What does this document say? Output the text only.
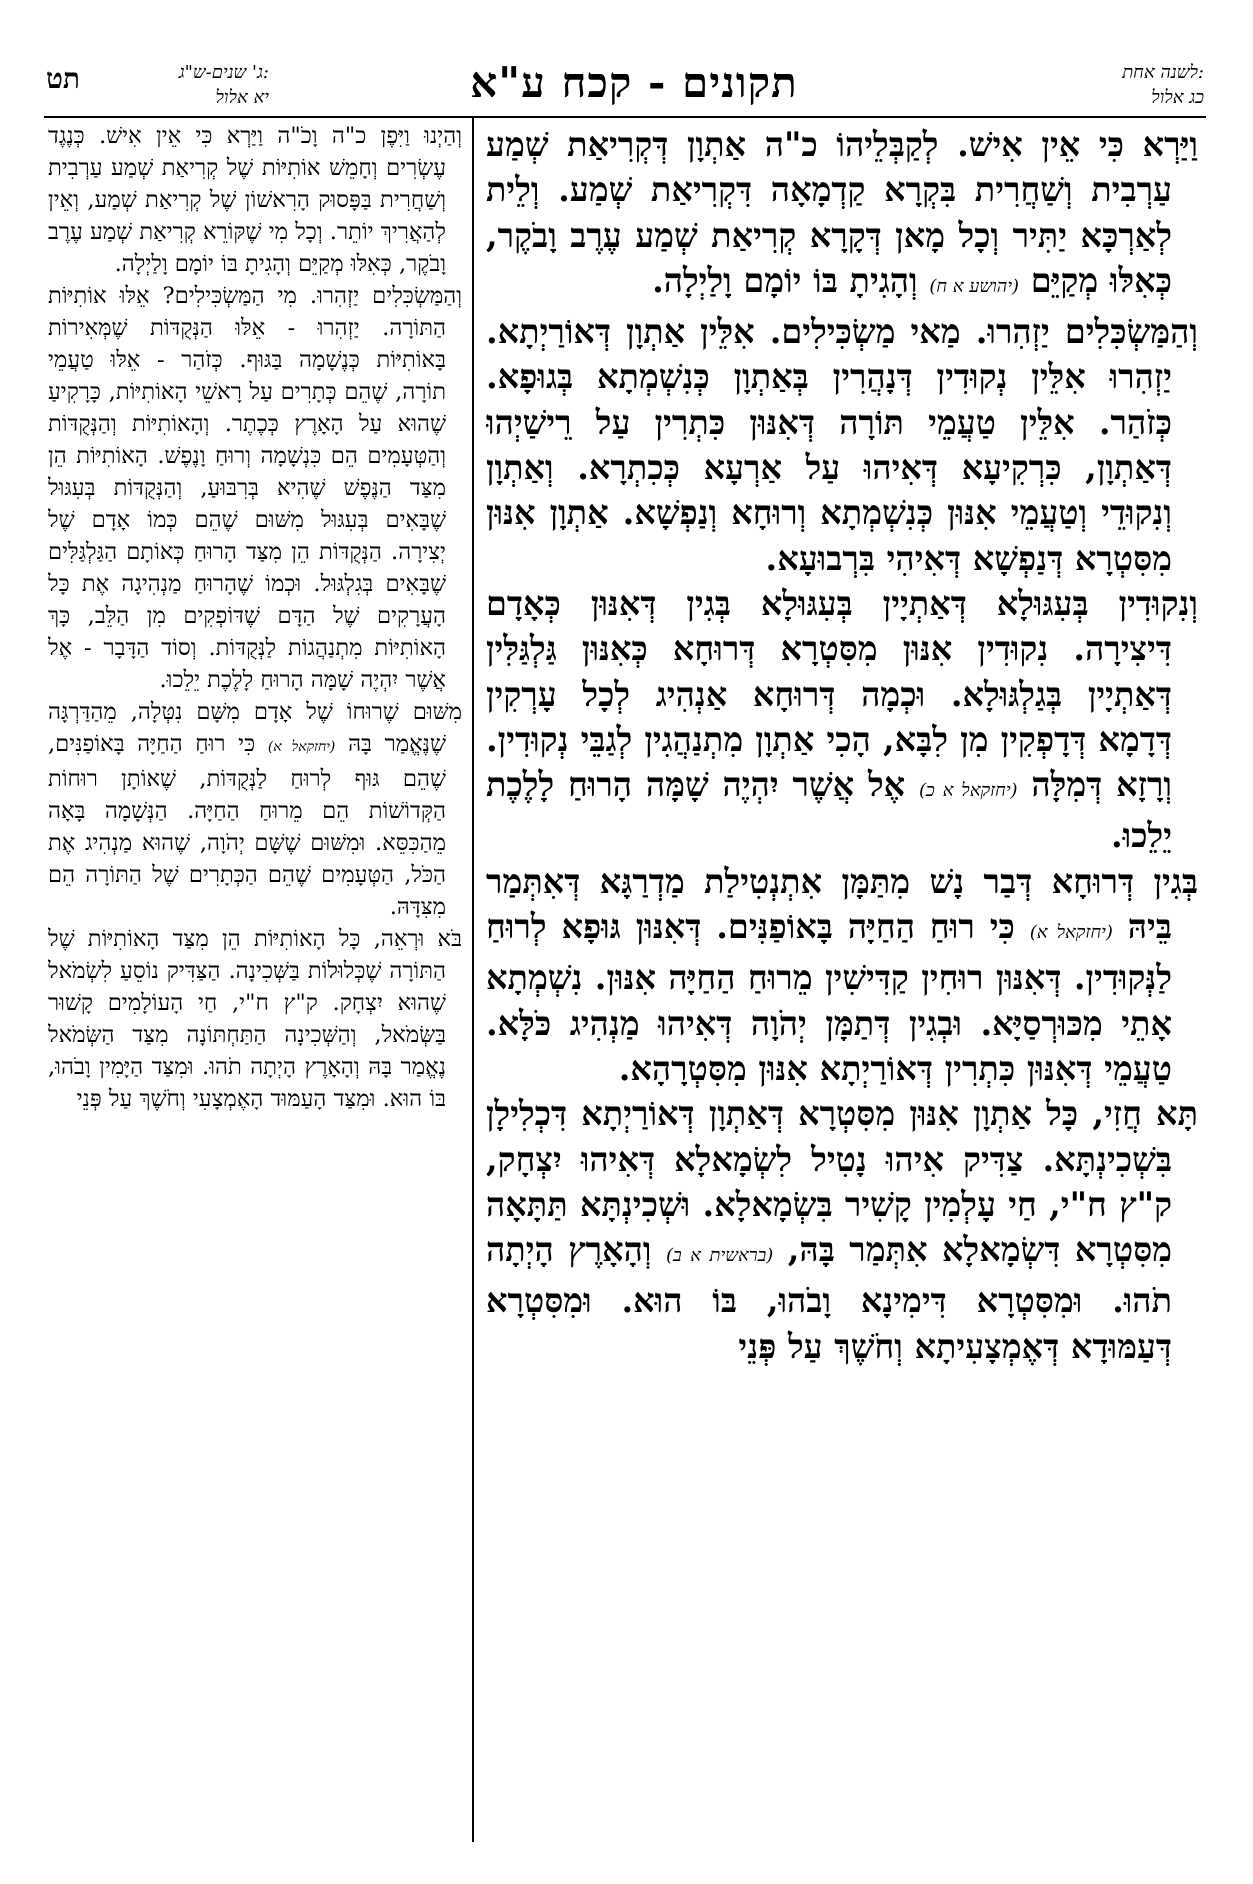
תט	ג' שנים-ש"ג:
יא אלול	תקונים - קכח ע"א	לשנה אחת:
כג אלול

וַיַּרְא כִּי אֵין אִישׁ. לְקַבְּלֵיהוֹ כ"ה אַתְוָן דְּקְרִיאַת שְׁמַע עַרְבִית וְשַׁחֲרִית בִּקְרָא קַדְמָאָה דִּקְרִיאַת שְׁמַע. וְלֵית לְאַרְכָּא יַתִּיר וְכָל מָאן דְּקָרָא קְרִיאַת שְׁמַע עֶרֶב וָבֹקֶר, כְּאִלּוּ מְקַיֵּם (יהושע א ח) וְהָגִיתָ בּוֹ יוֹמָם וָלַיְלָה.

וְהַמַּשְׂכִּלִים יַזְהִרוּ. מַאי מַשְׂכִּילִים. אִלֵּין אַתְוָן דְּאוֹרַיְתָא. יַזְהִרוּ אִלֵּין נְקוּדִין דְּנָהֲרִין בְּאַתְוָן כְּנִשְׁמְתָא בְּגוּפָא. כְּזֹהַר. אִלֵּין טַעֲמֵי תּוֹרָה דְּאִנּוּן כִּתְרִין עַל רֵישַׁיְהוּ דְּאַתְוָן, כִּרְקִיעָא דְּאִיהוּ עַל אַרְעָא כְּכִתְרָא. וְאַתְוָן וְנִקוּדֵי וְטַעֲמֵי אִנּוּן כְּנִשְׁמְתָא וְרוּחָא וְנַפְשָׁא. אַתְוָן אִנּוּן מִסִּטְרָא דְּנַפְשָׁא דְּאִיהִי בִּרְבוּעָא.

וְנִקוּדִין בְּעִגּוּלָא דְּאַתְיָין בְּעִגּוּלָא בְּגִין דְּאִנּוּן כְּאָדָם דִּיצִירָה. נִקוּדִין אִנּוּן מִסִּטְרָא דְּרוּחָא כְּאִנּוּן גַּלְגַּלִּין דְּאַתְיָין בְּגַלְגּוּלָא. וּכְמָה דְּרוּחָא אַנְהִיג לְכָל עָרְקִין דְּדָמָא דְּדָפְקִין מִן לִבָּא, הָכִי אַתְוָן מִתְנַהֲגִין לְגַבֵּי נְקוּדִין. וְרָזָא דְּמִלָּה (יחזקאל א כ) אֶל אֲשֶׁר יִהְיֶה שָׁמָּה הָרוּחַ לָלֶכֶת יֵלֵכוּ.

בְּגִין דְּרוּחָא דְּבַר נָשׁ מִתַּמָּן אִתְנְטִילַת מַדְרַגָּא דְּאִתְּמַר בֵּיהּ (יחזקאל א) כִּי רוּחַ הַחַיָּה בָּאוֹפַנִּים. דְּאִנּוּן גּוּפָא לְרוּחַ לַנְּקוּדִין. דְּאִנּוּן רוּחִין קַדִּישִׁין מֵרוּחַ הַחַיָּה אִנּוּן. נִשְׁמְתָא אָתֵי מִכּוּרְסַיָּא. וּבְגִין דְּתַמָּן יְהֹוָה דְּאִיהוּ מַנְהִיג כֹּלָּא. טַעֲמֵי דְּאִנּוּן כִּתְרִין דְּאוֹרַיְתָא אִנּוּן מִסִּטְרָהָא.

תָּא חֲזִי, כָּל אַתְוָן אִנּוּן מִסִּטְרָא דְּאַתְוָן דְּאוֹרַיְתָא דִּכְלִילָן בִּשְׁכִינְתָּא. צַדִּיק אִיהוּ נָטִיל לִשְׂמָאלָא דְּאִיהוּ יִצְחָק, ק"ץ ח"י, חַי עָלְמִין קָשִׁיר בִּשְׂמָאלָא. וּשְׁכִינְתָּא תַּתָּאָה מִסִּטְרָא דִּשְׂמָאלָא אִתְּמַר בָּהּ, (בראשית א ב) וְהָאָרֶץ הָיְתָה תֹהוּ. וּמִסִּטְרָא דִּימִינָא וָבֹהוּ, בּוֹ הוּא. וּמִסִּטְרָא דְּעַמּוּדָא דְּאֶמְצָעִיתָא וְחֹשֶׁךְ עַל פְּנֵי

וְהַיְנוּ וַיִּפֶן כ"ה וָכֹ"ה וַיַּרְא כִּי אֵין אִישׁ. כְּנֶגֶד עֶשְׂרִים וְחָמֵשׁ אוֹתִיּוֹת שֶׁל קְרִיאַת שְׁמַע עַרְבִית וְשַׁחֲרִית בַּפָּסוּק הָרִאשׁוֹן שֶׁל קְרִיאַת שְׁמַע, וְאֵין לְהַאֲרִיךְ יוֹתֵר. וְכָל מִי שֶׁקּוֹרֵא קְרִיאַת שְׁמַע עֶרֶב וָבֹקֶר, כְּאִלּוּ מְקַיֵּם וְהָגִיתָ בּוֹ יוֹמָם וָלַיְלָה.

וְהַמַּשְׂכִּלִים יַזְהִרוּ. מִי הַמַּשְׂכִּילִים? אֵלּוּ אוֹתִיּוֹת הַתּוֹרָה. יַזְהִרוּ - אֵלּוּ הַנְּקֻדּוֹת שֶׁמְּאִירוֹת בָּאוֹתִיּוֹת כְּנֶשָׁמָה בַּגּוּף. כְּזֹהַר - אֵלּוּ טַעֲמֵי תוֹרָה, שֶׁהֵם כְּתָרִים עַל רָאשֵׁי הָאוֹתִיּוֹת, כָּרָקִיעַ שֶׁהוּא עַל הָאָרֶץ כְּכֶתֶר. וְהָאוֹתִיּוֹת וְהַנְּקֻדּוֹת וְהַטְּעָמִים הֵם כִּנְשָׁמָה וְרוּחַ וָנֶפֶשׁ. הָאוֹתִיּוֹת הֵן מִצַּד הַנֶּפֶשׁ שֶׁהִיא בְּרִבּוּעַ, וְהַנְּקֻדּוֹת בְּעִגּוּל שֶׁבָּאִים בְּעִגּוּל מִשּׁוּם שֶׁהֵם כְּמוֹ אָדָם שֶׁל יְצִירָה. הַנְּקֻדּוֹת הֵן מִצַּד הָרוּחַ כְּאוֹתָם הַגַּלְגַּלִּים שֶׁבָּאִים בְּגִלְגּוּל. וּכְמוֹ שֶׁהָרוּחַ מַנְהִיגָה אֶת כָּל הָעֲרָקִים שֶׁל הַדָּם שֶׁדּוֹפְקִים מִן הַלֵּב, כָּךְ הָאוֹתִיּוֹת מִתְנַהֲגוֹת לַנְּקֻדּוֹת. וְסוֹד הַדָּבָר - אֶל אֲשֶׁר יִהְיֶה שָׁמָּה הָרוּחַ לָלֶכֶת יֵלֵכוּ.

מִשּׁוּם שֶׁרוּחוֹ שֶׁל אָדָם מִשָּׁם נִטְּלָה, מֵהַדַּרְגָּה שֶׁנֶּאֱמַר בָּהּ (יחזקאל א) כִּי רוּחַ הַחַיָּה בָּאוֹפַנִּים, שֶׁהֵם גּוּף לְרוּחַ לַנְּקֻדּוֹת, שֶׁאוֹתָן רוּחוֹת הַקְּדוֹשׁוֹת הֵם מֵרוּחַ הַחַיָּה. הַנְּשָׁמָה בָּאָה מֵהַכִּסֵּא. וּמִשּׁוּם שֶׁשָּׁם יְהֹוָה, שֶׁהוּא מַנְהִיג אֶת הַכֹּל, הַטְּעָמִים שֶׁהֵם הַכְּתָרִים שֶׁל הַתּוֹרָה הֵם מִצִּדָּהּ.

בֹּא וּרְאֵה, כָּל הָאוֹתִיּוֹת הֵן מִצַּד הָאוֹתִיּוֹת שֶׁל הַתּוֹרָה שֶׁכְּלוּלוֹת בַּשְּׁכִינָה. הַצַּדִּיק נוֹסֵעַ לִשְׂמֹאל שֶׁהוּא יִצְחָק. ק"ץ ח"י, חַי הָעוֹלָמִים קָשׁוּר בַּשְּׂמֹאל, וְהַשְּׁכִינָה הַתַּחְתּוֹנָה מִצַּד הַשְּׂמֹאל נֶאֱמַר בָּהּ וְהָאָרֶץ הָיְתָה תֹהוּ. וּמִצַּד הַיָּמִין וָבֹהוּ, בּוֹ הוּא. וּמִצַּד הָעַמּוּד הָאֶמְצָעִי וְחֹשֶׁךְ עַל פְּנֵי
